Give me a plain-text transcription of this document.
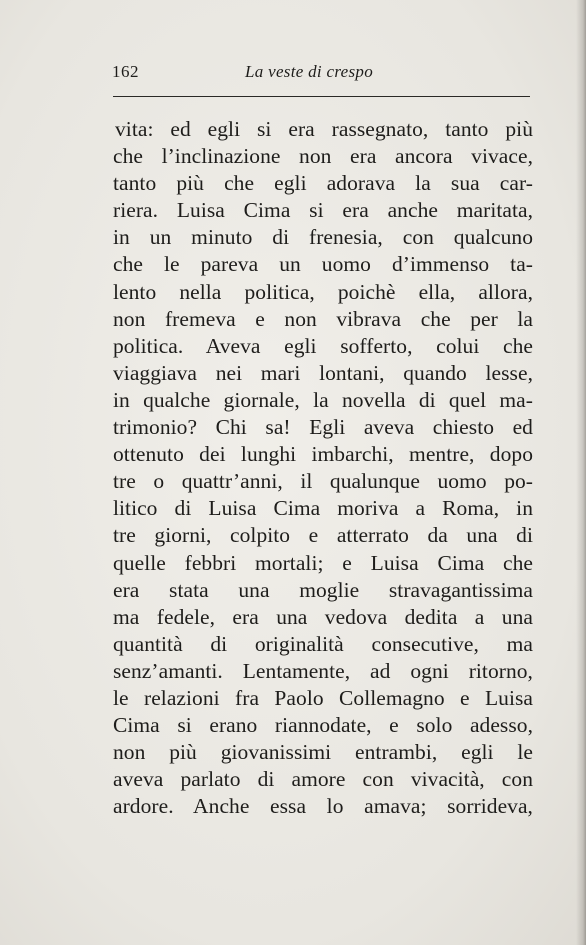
162	La veste di crespo
vita: ed egli si era rassegnato, tanto più
che l’inclinazione non era ancora vivace,
tanto più che egli adorava la sua car-
riera. Luisa Cima si era anche maritata,
in un minuto di frenesia, con qualcuno
che le pareva un uomo d’immenso ta-
lento nella politica, poichè ella, allora,
non fremeva e non vibrava che per la
politica. Aveva egli sofferto, colui che
viaggiava nei mari lontani, quando lesse,
in qualche giornale, la novella di quel ma-
trimonio? Chi sa! Egli aveva chiesto ed
ottenuto dei lunghi imbarchi, mentre, dopo
tre o quattr’anni, il qualunque uomo po-
litico di Luisa Cima moriva a Roma, in
tre giorni, colpito e atterrato da una di
quelle febbri mortali; e Luisa Cima che
era stata una moglie stravagantissima
ma fedele, era una vedova dedita a una
quantità di originalità consecutive, ma
senz’amanti. Lentamente, ad ogni ritorno,
le relazioni fra Paolo Collemagno e Luisa
Cima si erano riannodate, e solo adesso,
non più giovanissimi entrambi, egli le
aveva parlato di amore con vivacità, con
ardore. Anche essa lo amava; sorrideva,
